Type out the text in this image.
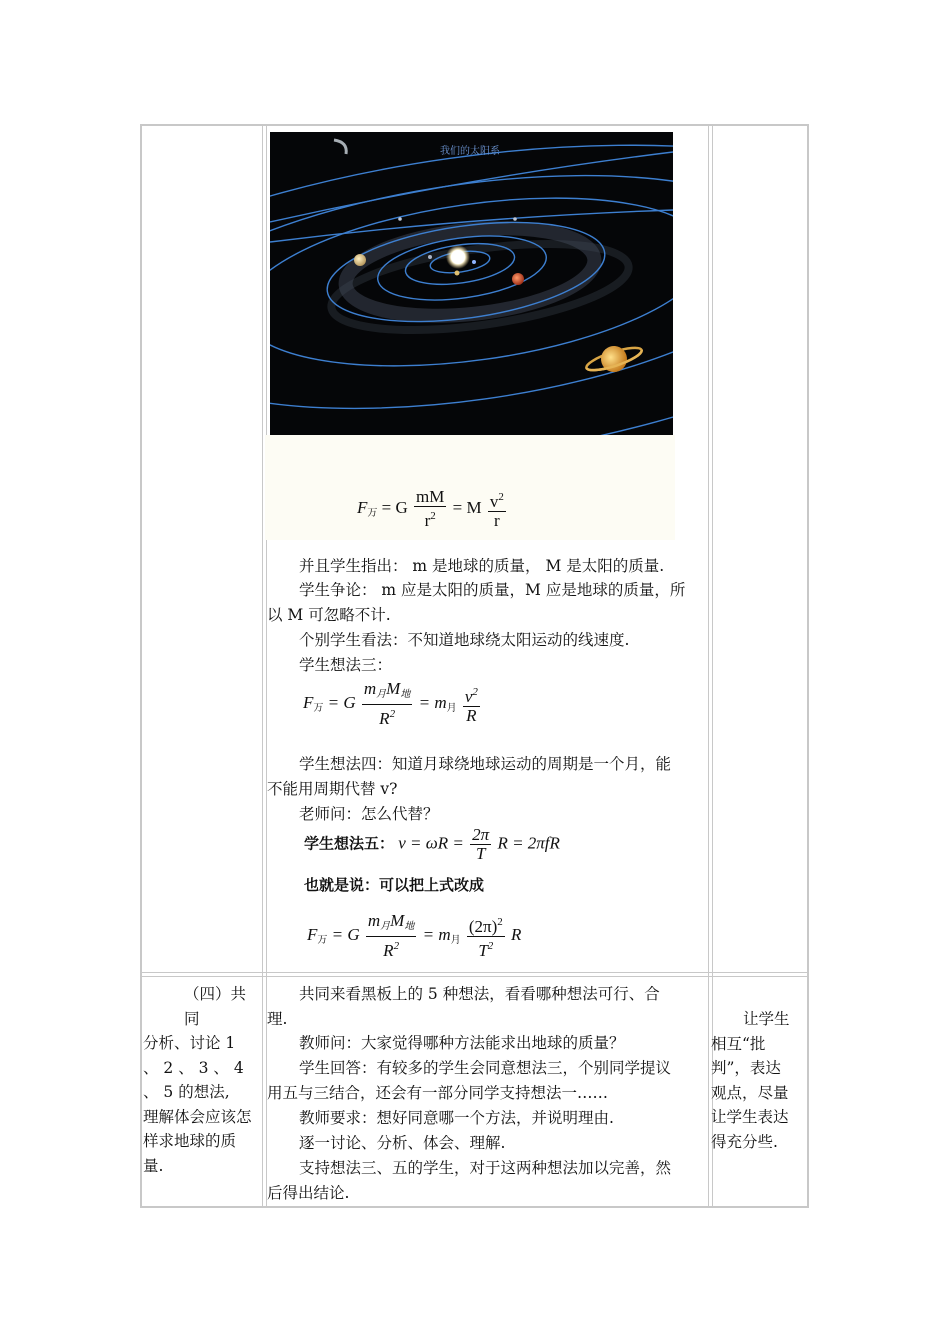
我们的太阳系
$F_万 = G \frac{mM}{r^2} = M \frac{v^2}{r}$
并且学生指出： m 是地球的质量， M 是太阳的质量.
学生争论： m 应是太阳的质量，M 应是地球的质量，所
以 M 可忽略不计.
个别学生看法：不知道地球绕太阳运动的线速度.
学生想法三：
$F_万 = G \frac{m_月M_地}{R^2} = m_月 \frac{v^2}{R}$
学生想法四：知道月球绕地球运动的周期是一个月，能
不能用周期代替 v?
老师问：怎么代替？
学生想法五： $v = \omega R = \frac{2\pi}{T}$ R = 2πfR
也就是说：可以把上式改成
$F_万 = G \frac{m_月M_地}{R^2} = m_月 \frac{(2\pi)^2}{T^2}$ R
（四）共同
分析、讨论 1
、 2 、 3 、 4
、 5 的想法,
理解体会应该怎
样求地球的质
量.
共同来看黑板上的 5 种想法，看看哪种想法可行、合
理.
教师问：大家觉得哪种方法能求出地球的质量？
学生回答：有较多的学生会同意想法三，个别同学提议
用五与三结合，还会有一部分同学支持想法一……
教师要求：想好同意哪一个方法，并说明理由.
逐一讨论、分析、体会、理解.
支持想法三、五的学生，对于这两种想法加以完善，然
后得出结论.
让学生
相互“批
判”，表达
观点，尽量
让学生表达
得充分些.
